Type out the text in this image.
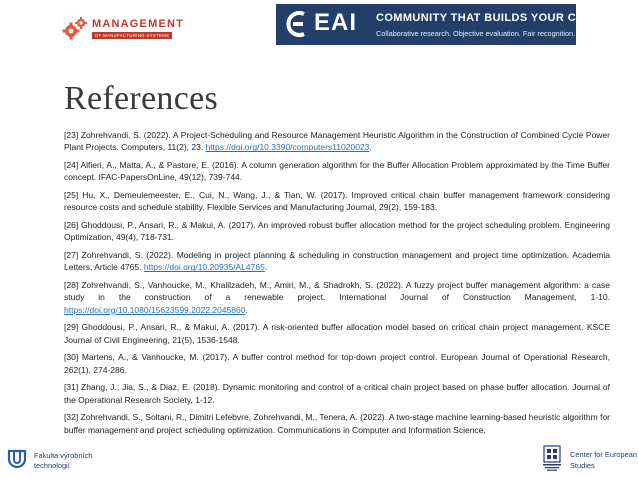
MANAGEMENT
OF MANUFACTURING SYSTEMS	EAI COMMUNITY THAT BUILDS YOUR CAREER
Collaborative research. Objective evaluation. Fair recognition.
References
[23] Zohrehvandi, S. (2022). A Project-Scheduling and Resource Management Heuristic Algorithm in the Construction of Combined Cycle Power Plant Projects. Computers, 11(2), 23. https://doi.org/10.3390/computers11020023.
[24] Alfieri, A., Matta, A., & Pastore, E. (2016). A column generation algorithm for the Buffer Allocation Problem approximated by the Time Buffer concept. IFAC-PapersOnLine, 49(12), 739-744.
[25] Hu, X., Demeulemeester, E., Cui, N., Wang, J., & Tian, W. (2017). Improved critical chain buffer management framework considering resource costs and schedule stability. Flexible Services and Manufacturing Journal, 29(2), 159-183.
[26] Ghoddousi, P., Ansari, R., & Makui, A. (2017). An improved robust buffer allocation method for the project scheduling problem. Engineering Optimization, 49(4), 718-731.
[27] Zohrehvandi, S. (2022). Modeling in project planning & scheduling in construction management and project time optimization. Academia Letters, Article 4765. https://doi.org/10.20935/AL4765.
[28] Zohrehvandi, S., Vanhoucke, M., Khalilzadeh, M., Amiri, M., & Shadrokh, S. (2022). A fuzzy project buffer management algorithm: a case study in the construction of a renewable project. International Journal of Construction Management, 1-10. https://doi.org/10.1080/15623599.2022.2045860.
[29] Ghoddousi, P., Ansari, R., & Makui, A. (2017). A risk-oriented buffer allocation model based on critical chain project management. KSCE Journal of Civil Engineering, 21(5), 1536-1548.
[30] Martens, A., & Vanhoucke, M. (2017). A buffer control method for top-down project control. European Journal of Operational Research, 262(1), 274-286.
[31] Zhang, J., Jia, S., & Diaz, E. (2018). Dynamic monitoring and control of a critical chain project based on phase buffer allocation. Journal of the Operational Research Society, 1-12.
[32] Zohrehvandi, S., Soltani, R., Dimitri Lefebvre, Zohrehvandi, M., Tenera, A. (2022). A two-stage machine learning-based heuristic algorithm for buffer management and project scheduling optimization. Communications in Computer and Information Science.
Fakulta výrobních
technologií
Center for European
Studies
